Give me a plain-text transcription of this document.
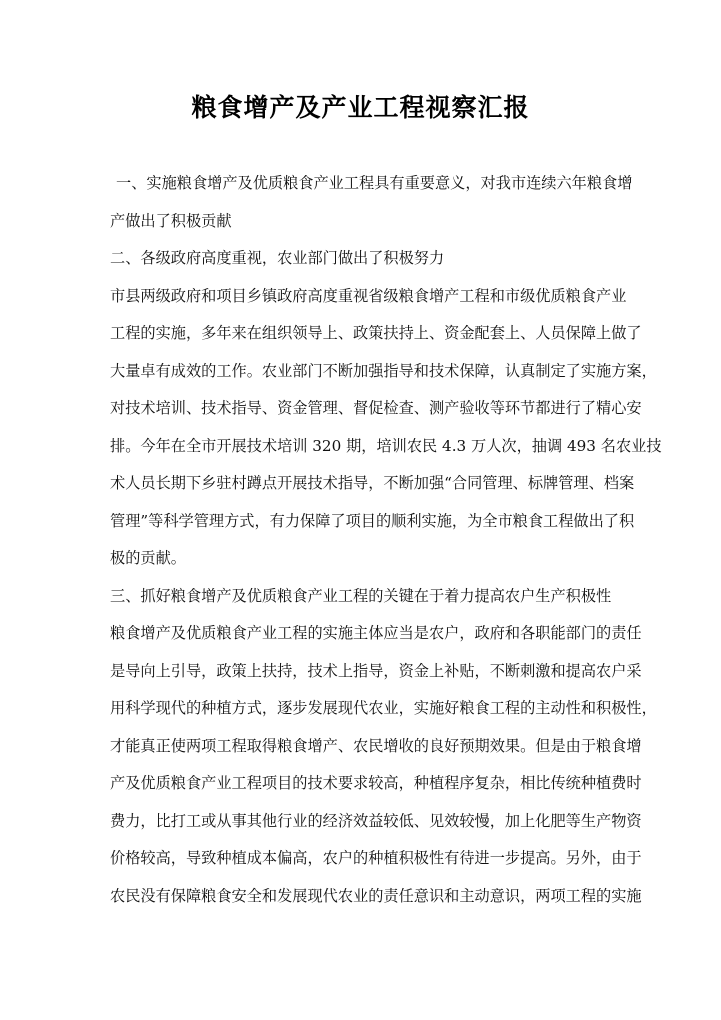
粮食增产及产业工程视察汇报
一、实施粮食增产及优质粮食产业工程具有重要意义，对我市连续六年粮食增
产做出了积极贡献
二、各级政府高度重视，农业部门做出了积极努力
市县两级政府和项目乡镇政府高度重视省级粮食增产工程和市级优质粮食产业
工程的实施，多年来在组织领导上、政策扶持上、资金配套上、人员保障上做了
大量卓有成效的工作。农业部门不断加强指导和技术保障，认真制定了实施方案，
对技术培训、技术指导、资金管理、督促检查、测产验收等环节都进行了精心安
排。今年在全市开展技术培训 320 期，培训农民 4.3 万人次，抽调 493 名农业技
术人员长期下乡驻村蹲点开展技术指导，不断加强“合同管理、标牌管理、档案
管理”等科学管理方式，有力保障了项目的顺利实施，为全市粮食工程做出了积
极的贡献。
三、抓好粮食增产及优质粮食产业工程的关键在于着力提高农户生产积极性
粮食增产及优质粮食产业工程的实施主体应当是农户，政府和各职能部门的责任
是导向上引导，政策上扶持，技术上指导，资金上补贴，不断刺激和提高农户采
用科学现代的种植方式，逐步发展现代农业，实施好粮食工程的主动性和积极性，
才能真正使两项工程取得粮食增产、农民增收的良好预期效果。但是由于粮食增
产及优质粮食产业工程项目的技术要求较高，种植程序复杂，相比传统种植费时
费力，比打工或从事其他行业的经济效益较低、见效较慢，加上化肥等生产物资
价格较高，导致种植成本偏高，农户的种植积极性有待进一步提高。另外，由于
农民没有保障粮食安全和发展现代农业的责任意识和主动意识，两项工程的实施
